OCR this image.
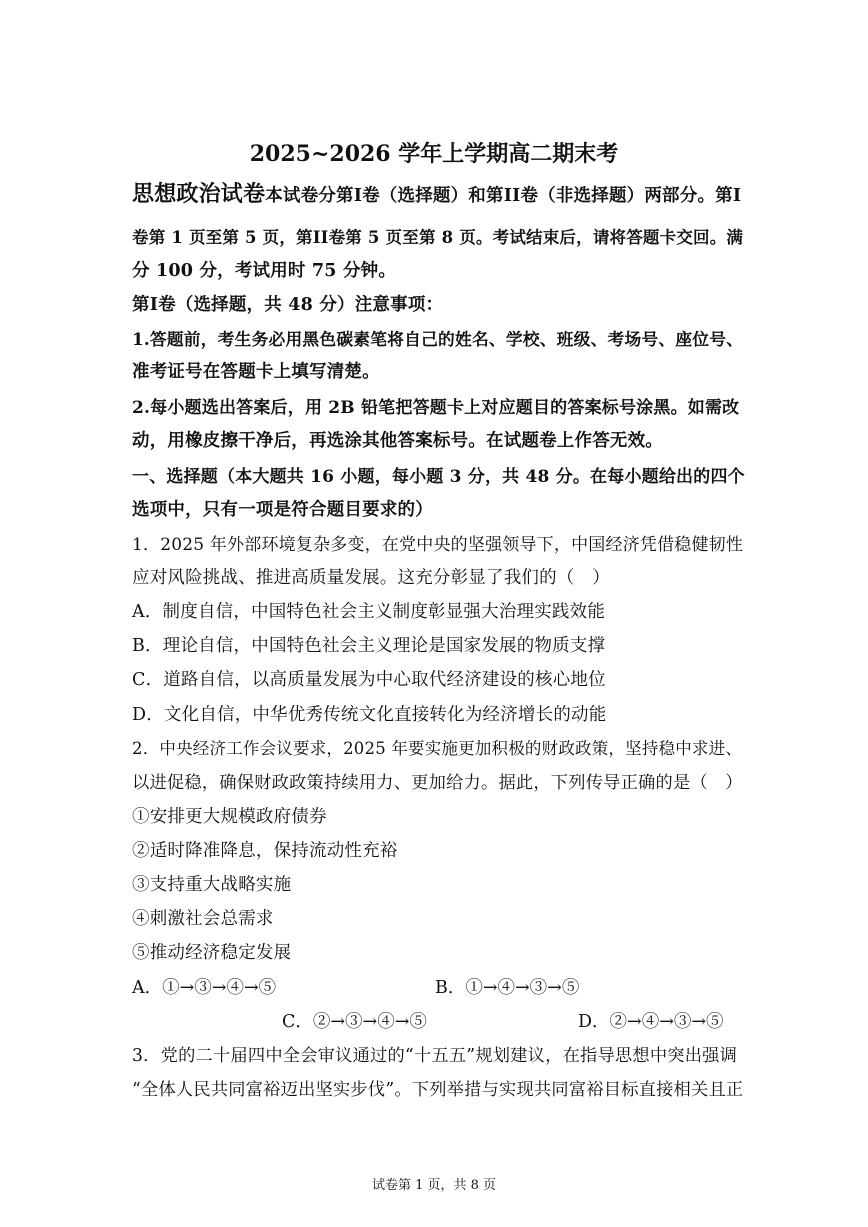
2025~2026 学年上学期高二期末考
思想政治试卷本试卷分第I卷（选择题）和第II卷（非选择题）两部分。第I
卷第 1 页至第 5 页，第II卷第 5 页至第 8 页。考试结束后，请将答题卡交回。满
分 100 分，考试用时 75 分钟。
第I卷（选择题，共 48 分）注意事项：
1.答题前，考生务必用黑色碳素笔将自己的姓名、学校、班级、考场号、座位号、
准考证号在答题卡上填写清楚。
2.每小题选出答案后，用 2B 铅笔把答题卡上对应题目的答案标号涂黑。如需改
动，用橡皮擦干净后，再选涂其他答案标号。在试题卷上作答无效。
一、选择题（本大题共 16 小题，每小题 3 分，共 48 分。在每小题给出的四个
选项中，只有一项是符合题目要求的）
1．2025 年外部环境复杂多变，在党中央的坚强领导下，中国经济凭借稳健韧性
应对风险挑战、推进高质量发展。这充分彰显了我们的（　）
A．制度自信，中国特色社会主义制度彰显强大治理实践效能
B．理论自信，中国特色社会主义理论是国家发展的物质支撑
C．道路自信，以高质量发展为中心取代经济建设的核心地位
D．文化自信，中华优秀传统文化直接转化为经济增长的动能
2．中央经济工作会议要求，2025 年要实施更加积极的财政政策，坚持稳中求进、
以进促稳，确保财政政策持续用力、更加给力。据此，下列传导正确的是（　）
①安排更大规模政府债券
②适时降准降息，保持流动性充裕
③支持重大战略实施
④刺激社会总需求
⑤推动经济稳定发展
A．①→③→④→⑤	B．①→④→③→⑤
C．②→③→④→⑤	D．②→④→③→⑤
3．党的二十届四中全会审议通过的“十五五”规划建议，在指导思想中突出强调
“全体人民共同富裕迈出坚实步伐”。下列举措与实现共同富裕目标直接相关且正
试卷第 1 页，共 8 页
